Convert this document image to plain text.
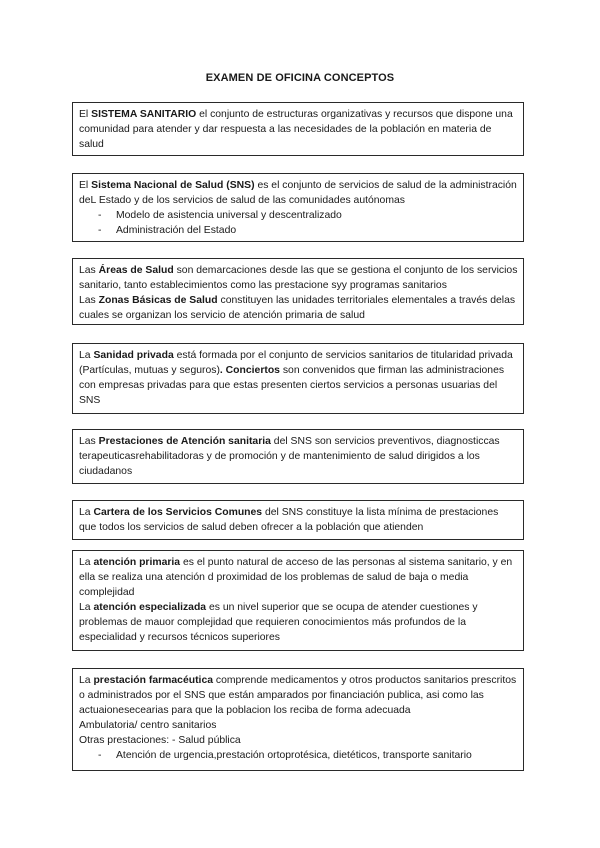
EXAMEN DE OFICINA CONCEPTOS

El SISTEMA SANITARIO el conjunto de estructuras organizativas y recursos que dispone una comunidad para atender y dar respuesta a las necesidades de la población en materia de salud

El Sistema Nacional de Salud (SNS) es el conjunto de servicios de salud de la administración deL Estado y de los servicios de salud de las comunidades autónomas

- Modelo de asistencia universal y descentralizado
- Administración del Estado

Las Áreas de Salud son demarcaciones desde las que se gestiona el conjunto de los servicios sanitario, tanto establecimientos como las prestacione syy programas sanitarios

Las Zonas Básicas de Salud constituyen las unidades territoriales elementales a través delas cuales se organizan los servicio de atención primaria de salud

La Sanidad privada está formada por el conjunto de servicios sanitarios de titularidad privada (Partículas, mutuas y seguros). Conciertos son convenidos que firman las administraciones con empresas privadas para que estas presenten ciertos servicios a personas usuarias del SNS

Las Prestaciones de Atención sanitaria del SNS son servicios preventivos, diagnosticcas terapeuticasrehabilitadoras y de promoción y de mantenimiento de salud dirigidos a los ciudadanos

La Cartera de los Servicios Comunes del SNS constituye la lista mínima de prestaciones que todos los servicios de salud deben ofrecer a la población que atienden

La atención primaria es el punto natural de acceso de las personas al sistema sanitario, y en ella se realiza una atención d proximidad de los problemas de salud de baja o media complejidad

La atención especializada es un nivel superior que se ocupa de atender cuestiones y problemas de mauor complejidad que requieren conocimientos más profundos de la especialidad y recursos técnicos superiores

La prestación farmacéutica comprende medicamentos y otros productos sanitarios prescritos o administrados por el SNS que están amparados por financiación publica, asi como las actuaionesecearias para que la poblacion los reciba de forma adecuada

Ambulatoria/ centro sanitarios

Otras prestaciones: - Salud pública

- Atención de urgencia,prestación ortoprotésica, dietéticos, transporte sanitario
